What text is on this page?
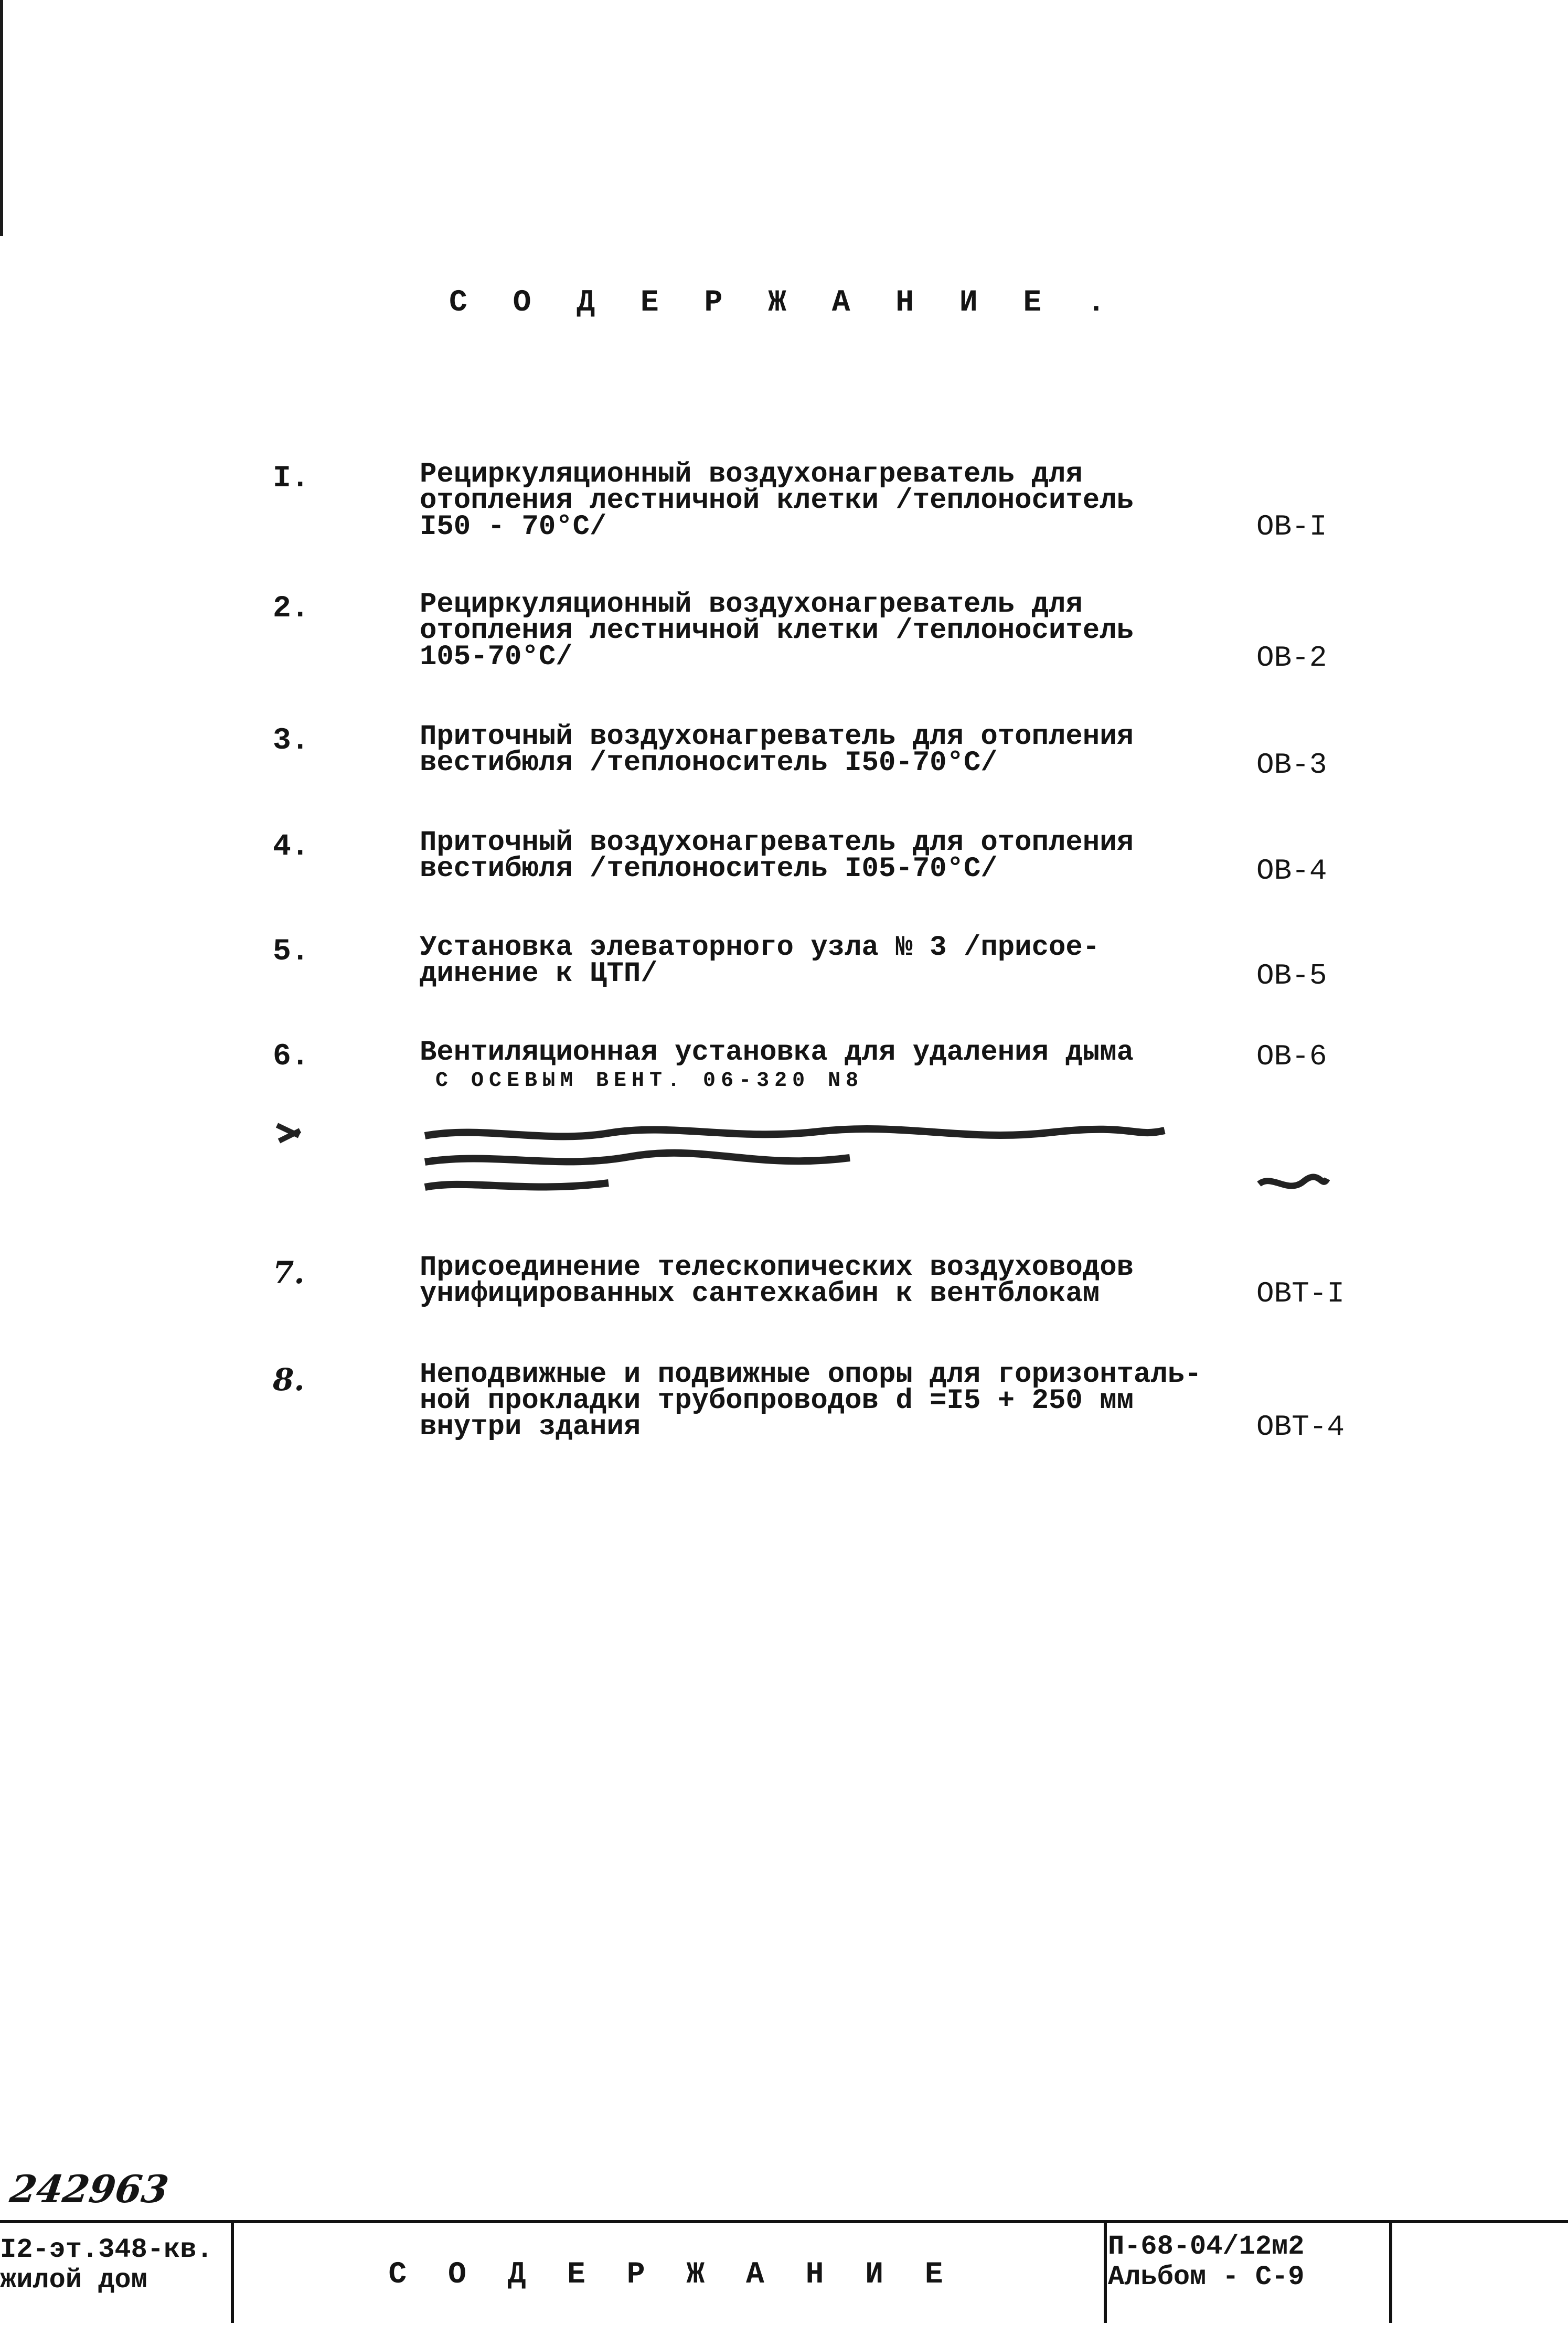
С О Д Е Р Ж А Н И Е .
I.	Рециркуляционный воздухонагреватель для
отопления лестничной клетки /теплоноситель
I50 - 70°С/	ОВ-I
2.	Рециркуляционный воздухонагреватель для
отопления лестничной клетки /теплоноситель
105-70°С/	ОВ-2
3.	Приточный воздухонагреватель для отопления
вестибюля /теплоноситель I50-70°С/	ОВ-3
4.	Приточный воздухонагреватель для отопления
вестибюля /теплоноситель I05-70°С/	ОВ-4
5.	Установка элеваторного узла № 3 /присое-
динение к ЦТП/	ОВ-5
6.	Вентиляционная установка для удаления дыма	ОВ-6
С ОСЕВЫМ ВЕНТ. 06-320 N8
7.	Присоединение телескопических воздуховодов
унифицированных сантехкабин к вентблокам	ОВТ-I
8.	Неподвижные и подвижные опоры для горизонталь-
ной прокладки трубопроводов d =I5 + 250 мм
внутри здания	ОВТ-4
242963
I2-эт.348-кв.
жилой дом	С О Д Е Р Ж А Н И Е
П-68-04/12м2
Альбом - С-9
